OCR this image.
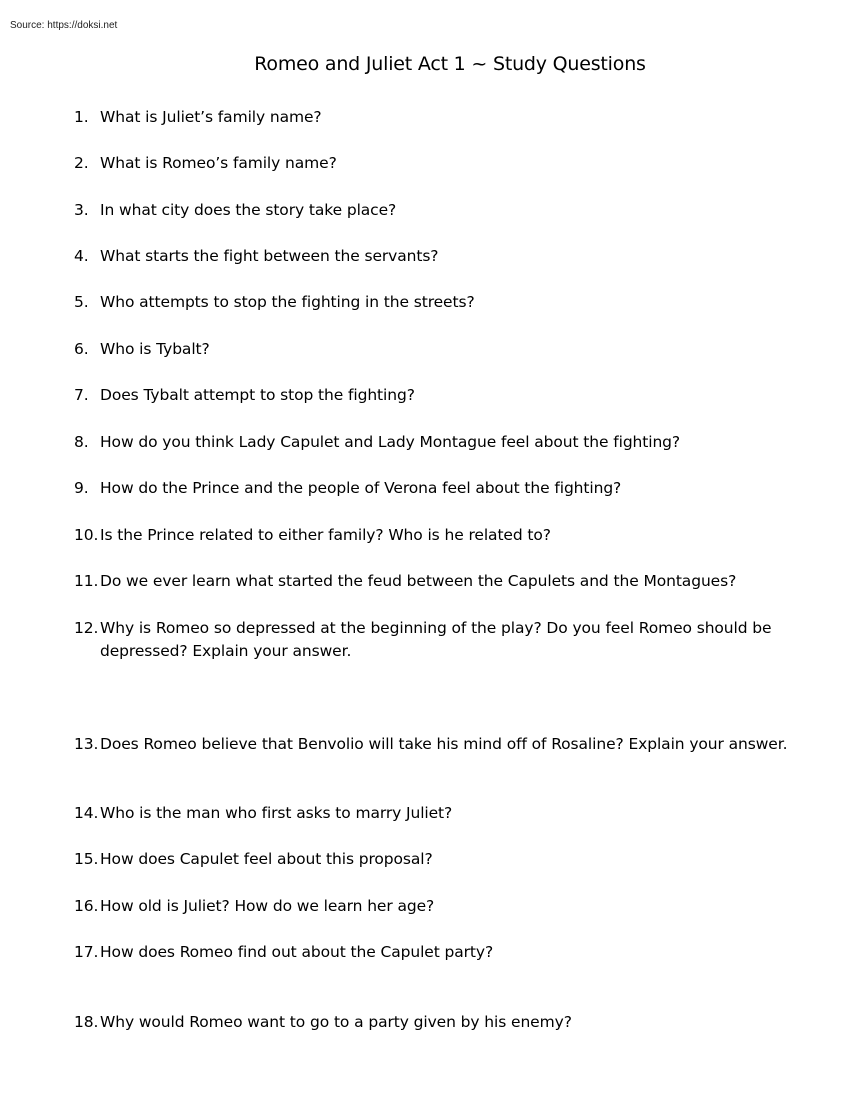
Source: https://doksi.net
Romeo and Juliet Act 1 ~ Study Questions
1. What is Juliet’s family name?
2. What is Romeo’s family name?
3. In what city does the story take place?
4. What starts the fight between the servants?
5. Who attempts to stop the fighting in the streets?
6. Who is Tybalt?
7. Does Tybalt attempt to stop the fighting?
8. How do you think Lady Capulet and Lady Montague feel about the fighting?
9. How do the Prince and the people of Verona feel about the fighting?
10. Is the Prince related to either family? Who is he related to?
11. Do we ever learn what started the feud between the Capulets and the Montagues?
12. Why is Romeo so depressed at the beginning of the play? Do you feel Romeo should be depressed? Explain your answer.
13. Does Romeo believe that Benvolio will take his mind off of Rosaline? Explain your answer.
14. Who is the man who first asks to marry Juliet?
15. How does Capulet feel about this proposal?
16. How old is Juliet? How do we learn her age?
17. How does Romeo find out about the Capulet party?
18. Why would Romeo want to go to a party given by his enemy?
